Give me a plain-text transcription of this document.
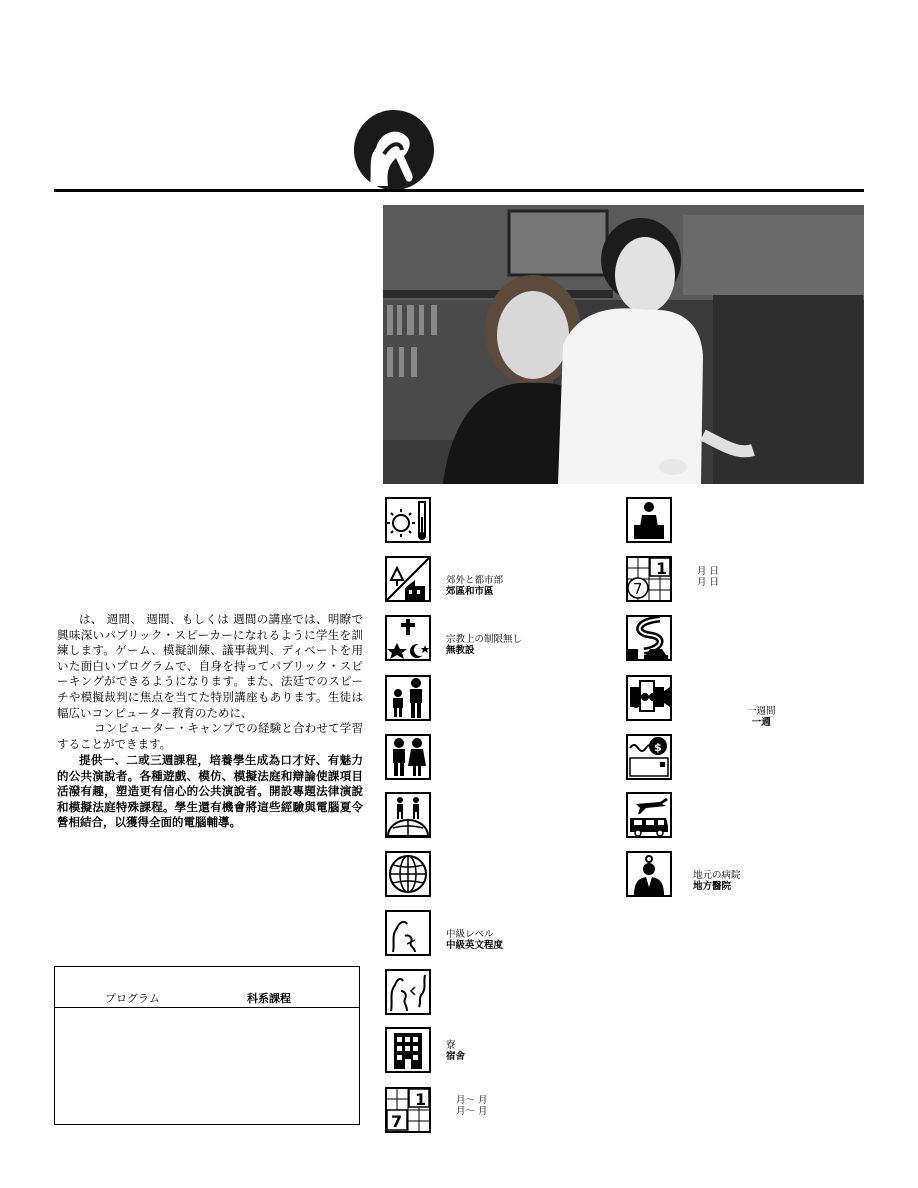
は、 週間、 週間、もしくは 週間の講座では、明瞭で興味深いパブリック・スピーカーになれるように学生を訓練します。ゲーム、模擬訓練、議事裁判、ディベートを用いた面白いプログラムで、自身を持ってパブリック・スピーキングができるようになります。また、法廷でのスピーチや模擬裁判に焦点を当てた特別講座もあります。生徒は幅広いコンピューター教育のために、

コンピューター・キャンプでの経験と合わせて学習することができます。

提供一、二或三週課程，培養學生成為口才好、有魅力的公共演說者。各種遊戲、模仿、模擬法庭和辯論使課項目活潑有趣，塑造更有信心的公共演說者。開設專題法律演說和模擬法庭特殊課程。學生還有機會將這些經驗與電腦夏令營相結合，以獲得全面的電腦輔導。

プログラム	科系課程
郊外と都市部
郊區和市區
宗教上の制限無し
無教設
中級レベル
中級英文程度
寮
宿舍
1
7
月～ 月
月～ 月
1
7
月 日
月 日
一週間
一週
$
地元の病院
地方醫院
